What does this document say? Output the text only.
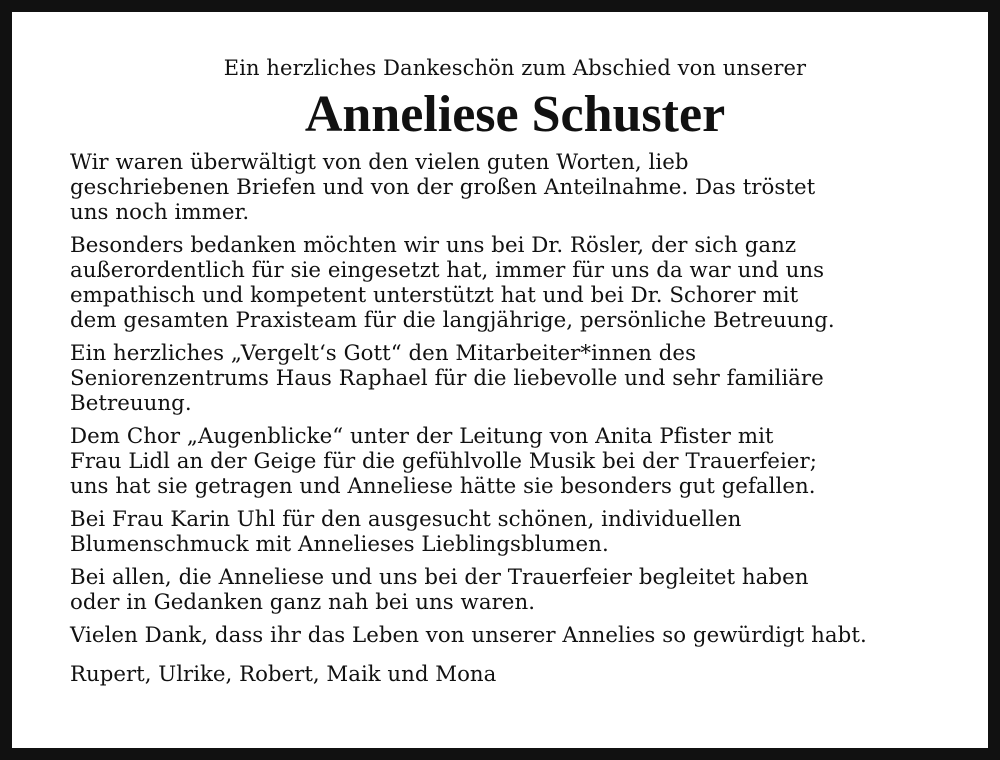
Ein herzliches Dankeschön zum Abschied von unserer

Anneliese Schuster

Wir waren überwältigt von den vielen guten Worten, lieb
geschriebenen Briefen und von der großen Anteilnahme. Das tröstet
uns noch immer.

Besonders bedanken möchten wir uns bei Dr. Rösler, der sich ganz
außerordentlich für sie eingesetzt hat, immer für uns da war und uns
empathisch und kompetent unterstützt hat und bei Dr. Schorer mit
dem gesamten Praxisteam für die langjährige, persönliche Betreuung.

Ein herzliches „Vergelt‘s Gott“ den Mitarbeiter*innen des
Seniorenzentrums Haus Raphael für die liebevolle und sehr familiäre
Betreuung.

Dem Chor „Augenblicke“ unter der Leitung von Anita Pfister mit
Frau Lidl an der Geige für die gefühlvolle Musik bei der Trauerfeier;
uns hat sie getragen und Anneliese hätte sie besonders gut gefallen.

Bei Frau Karin Uhl für den ausgesucht schönen, individuellen
Blumenschmuck mit Annelieses Lieblingsblumen.

Bei allen, die Anneliese und uns bei der Trauerfeier begleitet haben
oder in Gedanken ganz nah bei uns waren.

Vielen Dank, dass ihr das Leben von unserer Annelies so gewürdigt habt.

Rupert, Ulrike, Robert, Maik und Mona
